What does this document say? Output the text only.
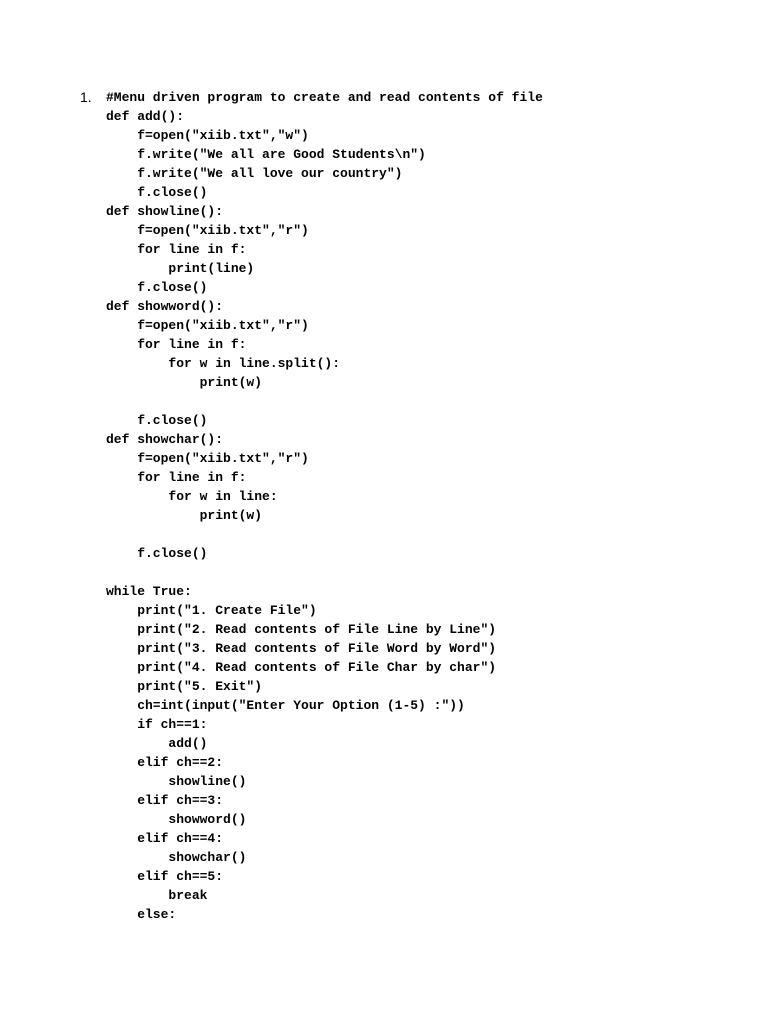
1. #Menu driven program to create and read contents of file
def add():
f=open("xiib.txt","w")
f.write("We all are Good Students\n")
f.write("We all love our country")
f.close()
def showline():
f=open("xiib.txt","r")
for line in f:
print(line)
f.close()
def showword():
f=open("xiib.txt","r")
for line in f:
for w in line.split():
print(w)
f.close()
def showchar():
f=open("xiib.txt","r")
for line in f:
for w in line:
print(w)
f.close()
while True:
print("1. Create File")
print("2. Read contents of File Line by Line")
print("3. Read contents of File Word by Word")
print("4. Read contents of File Char by char")
print("5. Exit")
ch=int(input("Enter Your Option (1-5) :"))
if ch==1:
add()
elif ch==2:
showline()
elif ch==3:
showword()
elif ch==4:
showchar()
elif ch==5:
break
else:
